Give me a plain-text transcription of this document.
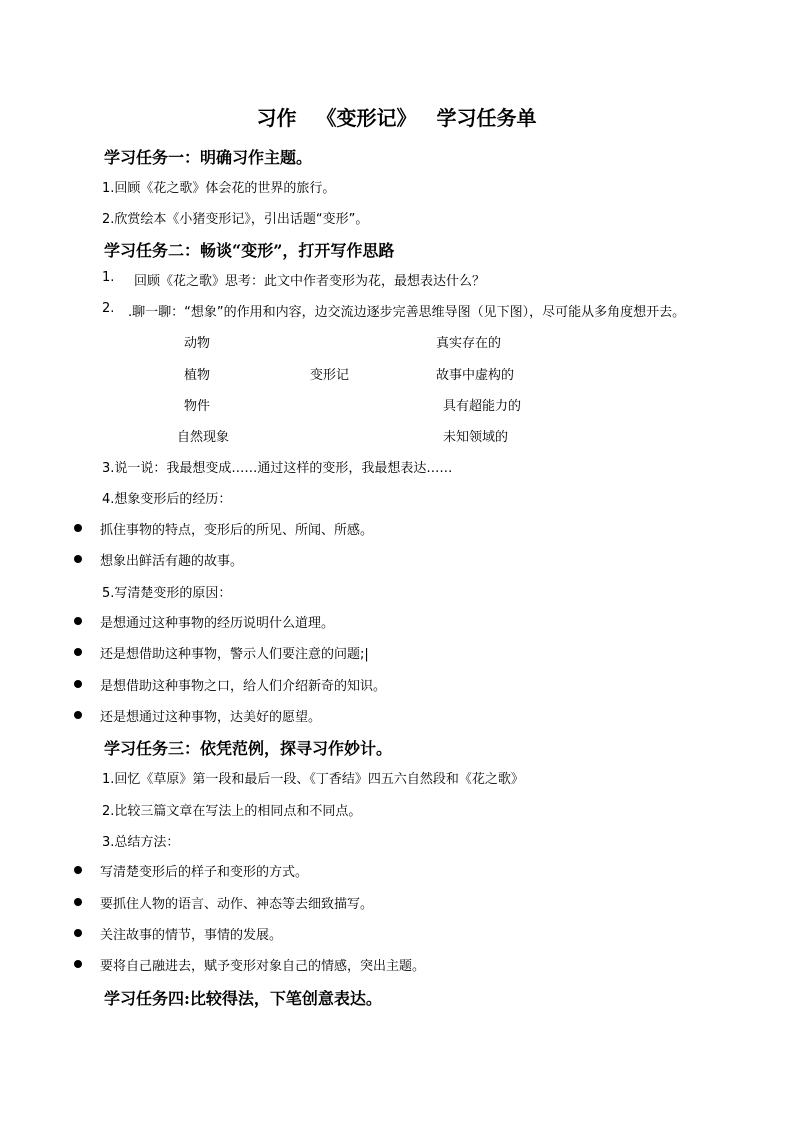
习作 《变形记》 学习任务单
学习任务一：明确习作主题。
1.回顾《花之歌》体会花的世界的旅行。
2.欣赏绘本《小猪变形记》，引出话题“变形”。
学习任务二：畅谈“变形”，打开写作思路
1. 回顾《花之歌》思考：此文中作者变形为花，最想表达什么？
2. .聊一聊：“想象”的作用和内容，边交流边逐步完善思维导图（见下图），尽可能从多角度想开去。
动物
植物
物件
自然现象
变形记
真实存在的
故事中虚构的
具有超能力的
未知领域的
3.说一说：我最想变成……通过这样的变形，我最想表达……
4.想象变形后的经历：
抓住事物的特点，变形后的所见、所闻、所感。
想象出鲜活有趣的故事。
5.写清楚变形的原因：
是想通过这种事物的经历说明什么道理。
还是想借助这种事物，警示人们要注意的问题;|
是想借助这种事物之口，给人们介绍新奇的知识。
还是想通过这种事物，达美好的愿望。
学习任务三：依凭范例，探寻习作妙计。
1.回忆《草原》第一段和最后一段、《丁香结》四五六自然段和《花之歌》
2.比较三篇文章在写法上的相同点和不同点。
3.总结方法：
写清楚变形后的样子和变形的方式。
要抓住人物的语言、动作、神态等去细致描写。
关注故事的情节，事情的发展。
要将自己融进去，赋予变形对象自己的情感，突出主题。
学习任务四:比较得法，下笔创意表达。
